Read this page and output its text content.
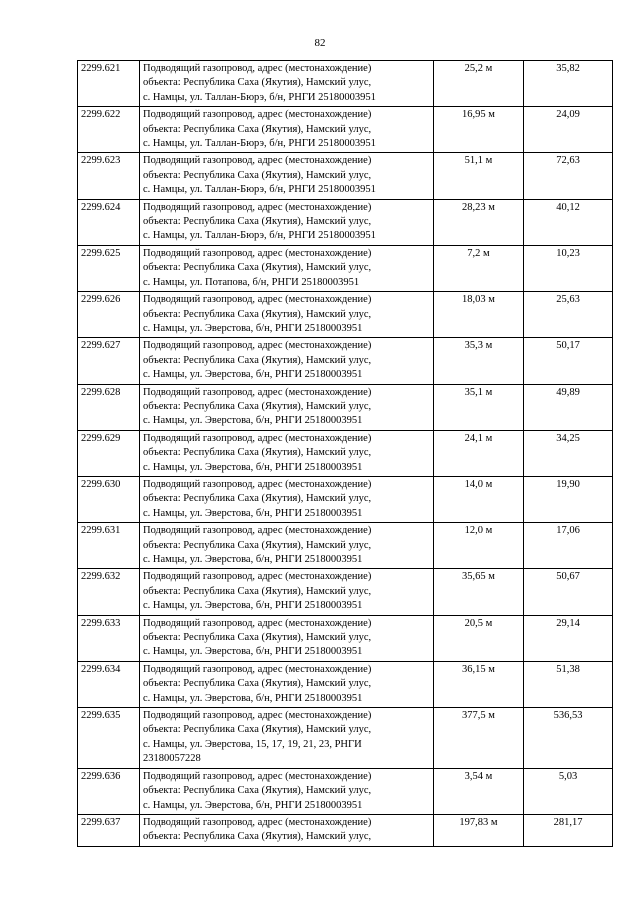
82
2299.621	Подводящий газопровод, адрес (местонахождение)
объекта: Республика Саха (Якутия), Намский улус,
с. Намцы, ул. Таллан-Бюрэ, б/н, РНГИ 25180003951	25,2 м	35,82
2299.622	Подводящий газопровод, адрес (местонахождение)
объекта: Республика Саха (Якутия), Намский улус,
с. Намцы, ул. Таллан-Бюрэ, б/н, РНГИ 25180003951	16,95 м	24,09
2299.623	Подводящий газопровод, адрес (местонахождение)
объекта: Республика Саха (Якутия), Намский улус,
с. Намцы, ул. Таллан-Бюрэ, б/н, РНГИ 25180003951	51,1 м	72,63
2299.624	Подводящий газопровод, адрес (местонахождение)
объекта: Республика Саха (Якутия), Намский улус,
с. Намцы, ул. Таллан-Бюрэ, б/н, РНГИ 25180003951	28,23 м	40,12
2299.625	Подводящий газопровод, адрес (местонахождение)
объекта: Республика Саха (Якутия), Намский улус,
с. Намцы, ул. Потапова, б/н, РНГИ 25180003951	7,2 м	10,23
2299.626	Подводящий газопровод, адрес (местонахождение)
объекта: Республика Саха (Якутия), Намский улус,
с. Намцы, ул. Эверстова, б/н, РНГИ 25180003951	18,03 м	25,63
2299.627	Подводящий газопровод, адрес (местонахождение)
объекта: Республика Саха (Якутия), Намский улус,
с. Намцы, ул. Эверстова, б/н, РНГИ 25180003951	35,3 м	50,17
2299.628	Подводящий газопровод, адрес (местонахождение)
объекта: Республика Саха (Якутия), Намский улус,
с. Намцы, ул. Эверстова, б/н, РНГИ 25180003951	35,1 м	49,89
2299.629	Подводящий газопровод, адрес (местонахождение)
объекта: Республика Саха (Якутия), Намский улус,
с. Намцы, ул. Эверстова, б/н, РНГИ 25180003951	24,1 м	34,25
2299.630	Подводящий газопровод, адрес (местонахождение)
объекта: Республика Саха (Якутия), Намский улус,
с. Намцы, ул. Эверстова, б/н, РНГИ 25180003951	14,0 м	19,90
2299.631	Подводящий газопровод, адрес (местонахождение)
объекта: Республика Саха (Якутия), Намский улус,
с. Намцы, ул. Эверстова, б/н, РНГИ 25180003951	12,0 м	17,06
2299.632	Подводящий газопровод, адрес (местонахождение)
объекта: Республика Саха (Якутия), Намский улус,
с. Намцы, ул. Эверстова, б/н, РНГИ 25180003951	35,65 м	50,67
2299.633	Подводящий газопровод, адрес (местонахождение)
объекта: Республика Саха (Якутия), Намский улус,
с. Намцы, ул. Эверстова, б/н, РНГИ 25180003951	20,5 м	29,14
2299.634	Подводящий газопровод, адрес (местонахождение)
объекта: Республика Саха (Якутия), Намский улус,
с. Намцы, ул. Эверстова, б/н, РНГИ 25180003951	36,15 м	51,38
2299.635	Подводящий газопровод, адрес (местонахождение)
объекта: Республика Саха (Якутия), Намский улус,
с. Намцы, ул. Эверстова, 15, 17, 19, 21, 23, РНГИ
23180057228	377,5 м	536,53
2299.636	Подводящий газопровод, адрес (местонахождение)
объекта: Республика Саха (Якутия), Намский улус,
с. Намцы, ул. Эверстова, б/н, РНГИ 25180003951	3,54 м	5,03
2299.637	Подводящий газопровод, адрес (местонахождение)
объекта: Республика Саха (Якутия), Намский улус,	197,83 м	281,17
